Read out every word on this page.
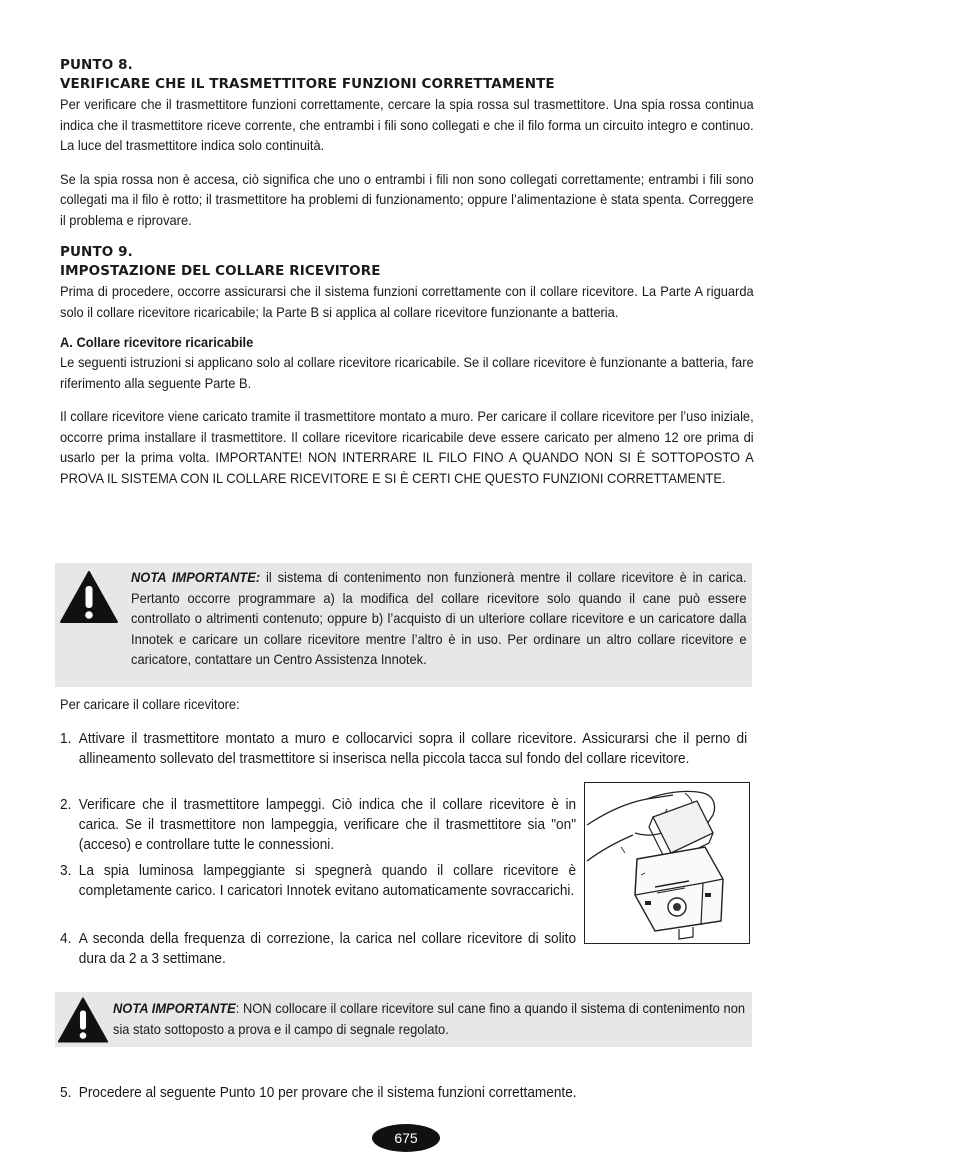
PUNTO 8.
VERIFICARE CHE IL TRASMETTITORE FUNZIONI CORRETTAMENTE

Per verificare che il trasmettitore funzioni correttamente, cercare la spia rossa sul trasmettitore. Una spia rossa continua indica che il trasmettitore riceve corrente, che entrambi i fili sono collegati e che il filo forma un circuito integro e continuo. La luce del trasmettitore indica solo continuità.

Se la spia rossa non è accesa, ciò significa che uno o entrambi i fili non sono collegati correttamente; entrambi i fili sono collegati ma il filo è rotto; il trasmettitore ha problemi di funzionamento; oppure l’alimentazione è stata spenta. Correggere il problema e riprovare.

PUNTO 9.
IMPOSTAZIONE DEL COLLARE RICEVITORE

Prima di procedere, occorre assicurarsi che il sistema funzioni correttamente con il collare ricevitore. La Parte A riguarda solo il collare ricevitore ricaricabile; la Parte B si applica al collare ricevitore funzionante a batteria.

A. Collare ricevitore ricaricabile

Le seguenti istruzioni si applicano solo al collare ricevitore ricaricabile. Se il collare ricevitore è funzionante a batteria, fare riferimento alla seguente Parte B.

Il collare ricevitore viene caricato tramite il trasmettitore montato a muro. Per caricare il collare ricevitore per l’uso iniziale, occorre prima installare il trasmettitore. Il collare ricevitore ricaricabile deve essere caricato per almeno 12 ore prima di usarlo per la prima volta. IMPORTANTE! NON INTERRARE IL FILO FINO A QUANDO NON SI È SOTTOPOSTO A PROVA IL SISTEMA CON IL COLLARE RICEVITORE E SI È CERTI CHE QUESTO FUNZIONI CORRETTAMENTE.

NOTA IMPORTANTE: il sistema di contenimento non funzionerà mentre il collare ricevitore è in carica. Pertanto occorre programmare a) la modifica del collare ricevitore solo quando il cane può essere controllato o altrimenti contenuto; oppure b) l’acquisto di un ulteriore collare ricevitore e un caricatore dalla Innotek e caricare un collare ricevitore mentre l’altro è in uso. Per ordinare un altro collare ricevitore e caricatore, contattare un Centro Assistenza Innotek.
Per caricare il collare ricevitore:
1. Attivare il trasmettitore montato a muro e collocarvici sopra il collare ricevitore. Assicurarsi che il perno di allineamento sollevato del trasmettitore si inserisca nella piccola tacca sul fondo del collare ricevitore.
2. Verificare che il trasmettitore lampeggi. Ciò indica che il collare ricevitore è in carica. Se il trasmettitore non lampeggia, verificare che il trasmettitore sia "on"(acceso) e controllare tutte le connessioni.
3. La spia luminosa lampeggiante si spegnerà quando il collare ricevitore è completamente carico. I caricatori Innotek evitano automaticamente sovraccarichi.
4. A seconda della frequenza di correzione, la carica nel collare ricevitore di solito dura da 2 a 3 settimane.
NOTA IMPORTANTE: NON collocare il collare ricevitore sul cane fino a quando il sistema di contenimento non sia stato sottoposto a prova e il campo di segnale regolato.
5. Procedere al seguente Punto 10 per provare che il sistema funzioni correttamente.
675
